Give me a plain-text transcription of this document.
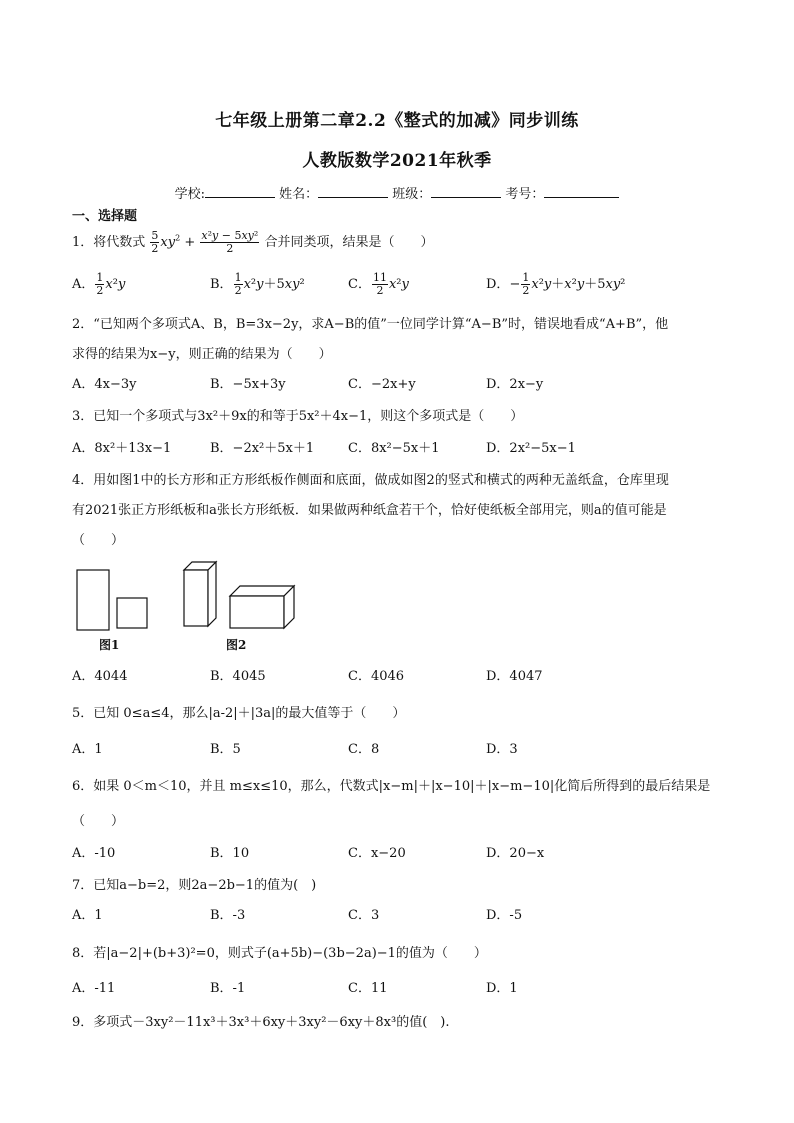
七年级上册第二章2.2《整式的加减》同步训练
人教版数学2021年秋季
学校:	姓名：	班级：	考号：
一、选择题
1．将代数式 $\frac{5}{2} xy^2 + \frac{\text{x²y − 5xy²}}{2}$ 合并同类项，结果是（　　）
A． $\frac{1}{2} x^2y$	B． $\frac{1}{2} x^2y+5xy^2$	C． $\frac{11}{2} x^2y$	D．− $\frac{1}{2} x^2y+x^2y+5xy^2$
2．“已知两个多项式A、B，B=3x−2y，求A−B的值”一位同学计算“A−B”时，错误地看成“A+B”，他
求得的结果为x−y，则正确的结果为（　　）
A．4x−3y	B．−5x+3y	C．−2x+y	D．2x−y
3．已知一个多项式与3x²＋9x的和等于5x²＋4x−1，则这个多项式是（　　）
A．8x²＋13x−1	B．−2x²＋5x＋1	C．8x²−5x＋1	D．2x²−5x−1
4．用如图1中的长方形和正方形纸板作侧面和底面，做成如图2的竖式和横式的两种无盖纸盒，仓库里现
有2021张正方形纸板和a张长方形纸板．如果做两种纸盒若干个，恰好使纸板全部用完，则a的值可能是
（　　）
图1	图2
A．4044	B．4045	C．4046	D．4047
5．已知 0≤a≤4，那么|a-2|＋|3a|的最大值等于（　　）
A．1	B．5	C．8	D．3
6．如果 0＜m＜10，并且 m≤x≤10，那么，代数式|x−m|＋|x−10|＋|x−m−10|化简后所得到的最后结果是
（　　）
A．-10	B．10	C．x−20	D．20−x
7．已知a−b=2，则2a−2b−1的值为(　)
A．1	B．-3	C．3	D．-5
8．若|a−2|+(b+3)²=0，则式子(a+5b)−(3b−2a)−1的值为（　　）
A．-11	B．-1	C．11	D．1
9．多项式－3xy²－11x³＋3x³＋6xy＋3xy²－6xy＋8x³的值(　).
